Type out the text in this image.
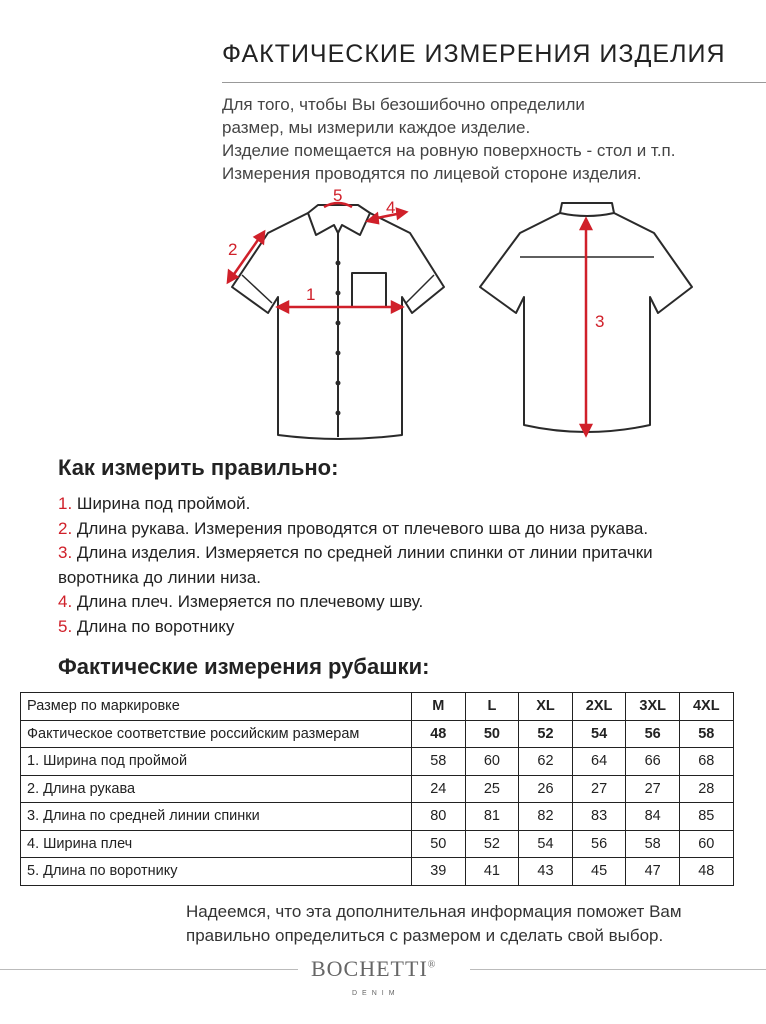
ФАКТИЧЕСКИЕ ИЗМЕРЕНИЯ ИЗДЕЛИЯ
Для того, чтобы Вы безошибочно определили
размер, мы измерили каждое изделие.
Изделие помещается на ровную поверхность - стол и т.п.
Измерения проводятся по лицевой стороне изделия.
1
2
3
4
5
Как измерить правильно:
1. Ширина под проймой.
2. Длина рукава. Измерения проводятся от плечевого шва до низа рукава.
3. Длина изделия. Измеряется по средней линии спинки от линии притачки
воротника до линии низа.
4. Длина плеч. Измеряется по плечевому шву.
5. Длина по воротнику
Фактические измерения рубашки:
Размер по маркировке	M	L	XL	2XL	3XL	4XL
Фактическое соответствие российским размерам	48	50	52	54	56	58
1. Ширина под проймой	58	60	62	64	66	68
2. Длина рукава	24	25	26	27	27	28
3. Длина по средней линии спинки	80	81	82	83	84	85
4. Ширина плеч	50	52	54	56	58	60
5. Длина по воротнику	39	41	43	45	47	48
Надеемся, что эта дополнительная информация поможет Вам
правильно определиться с размером и сделать свой выбор.
BOCHETTI®
DENIM
